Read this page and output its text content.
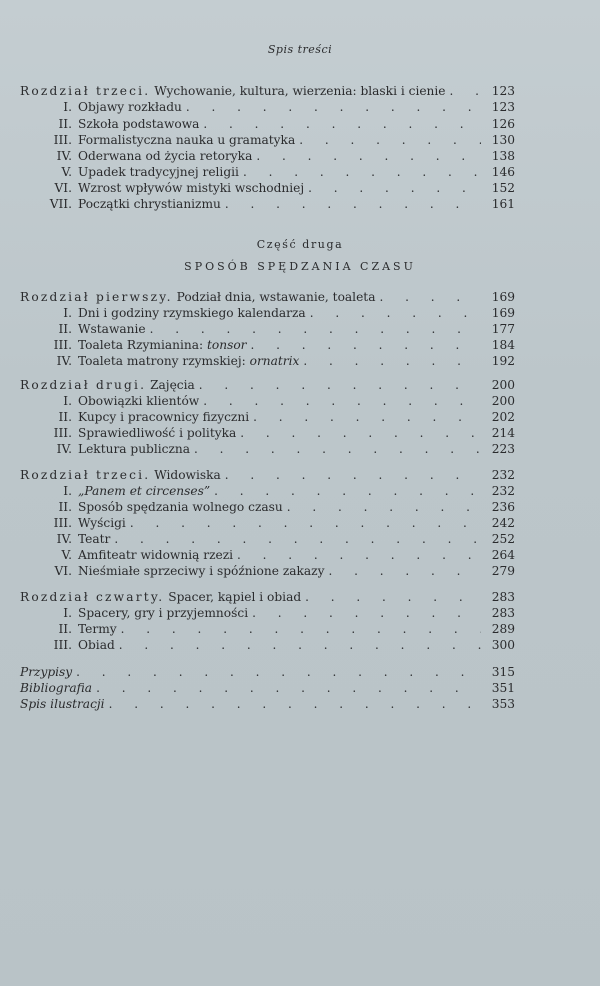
Spis treści
Rozdział trzeci. Wychowanie, kultura, wierzenia: blaski i cienie . . .	123
I. Objawy rozkładu . . .	123
II. Szkoła podstawowa . . .	126
III. Formalistyczna nauka u gramatyka . . .	130
IV. Oderwana od życia retoryka . . .	138
V. Upadek tradycyjnej religii . . .	146
VI. Wzrost wpływów mistyki wschodniej . . .	152
VII. Początki chrystianizmu . . .	161
Część druga
SPOSÓB SPĘDZANIA CZASU
Rozdział pierwszy. Podział dnia, wstawanie, toaleta . . .	169
I. Dni i godziny rzymskiego kalendarza . . .	169
II. Wstawanie . . .	177
III. Toaleta Rzymianina: tonsor . . .	184
IV. Toaleta matrony rzymskiej: ornatrix . . .	192
Rozdział drugi. Zajęcia . . .	200
I. Obowiązki klientów . . .	200
II. Kupcy i pracownicy fizyczni . . .	202
III. Sprawiedliwość i polityka . . .	214
IV. Lektura publiczna . . .	223
Rozdział trzeci. Widowiska . . .	232
I. „Panem et circenses” . . .	232
II. Sposób spędzania wolnego czasu . . .	236
III. Wyścigi . . .	242
IV. Teatr . . .	252
V. Amfiteatr widownią rzezi . . .	264
VI. Nieśmiałe sprzeciwy i spóźnione zakazy . . .	279
Rozdział czwarty. Spacer, kąpiel i obiad . . .	283
I. Spacery, gry i przyjemności . . .	283
II. Termy . . .	289
III. Obiad . . .	300
Przypisy . . .	315
Bibliografia . . .	351
Spis ilustracji . . .	353
